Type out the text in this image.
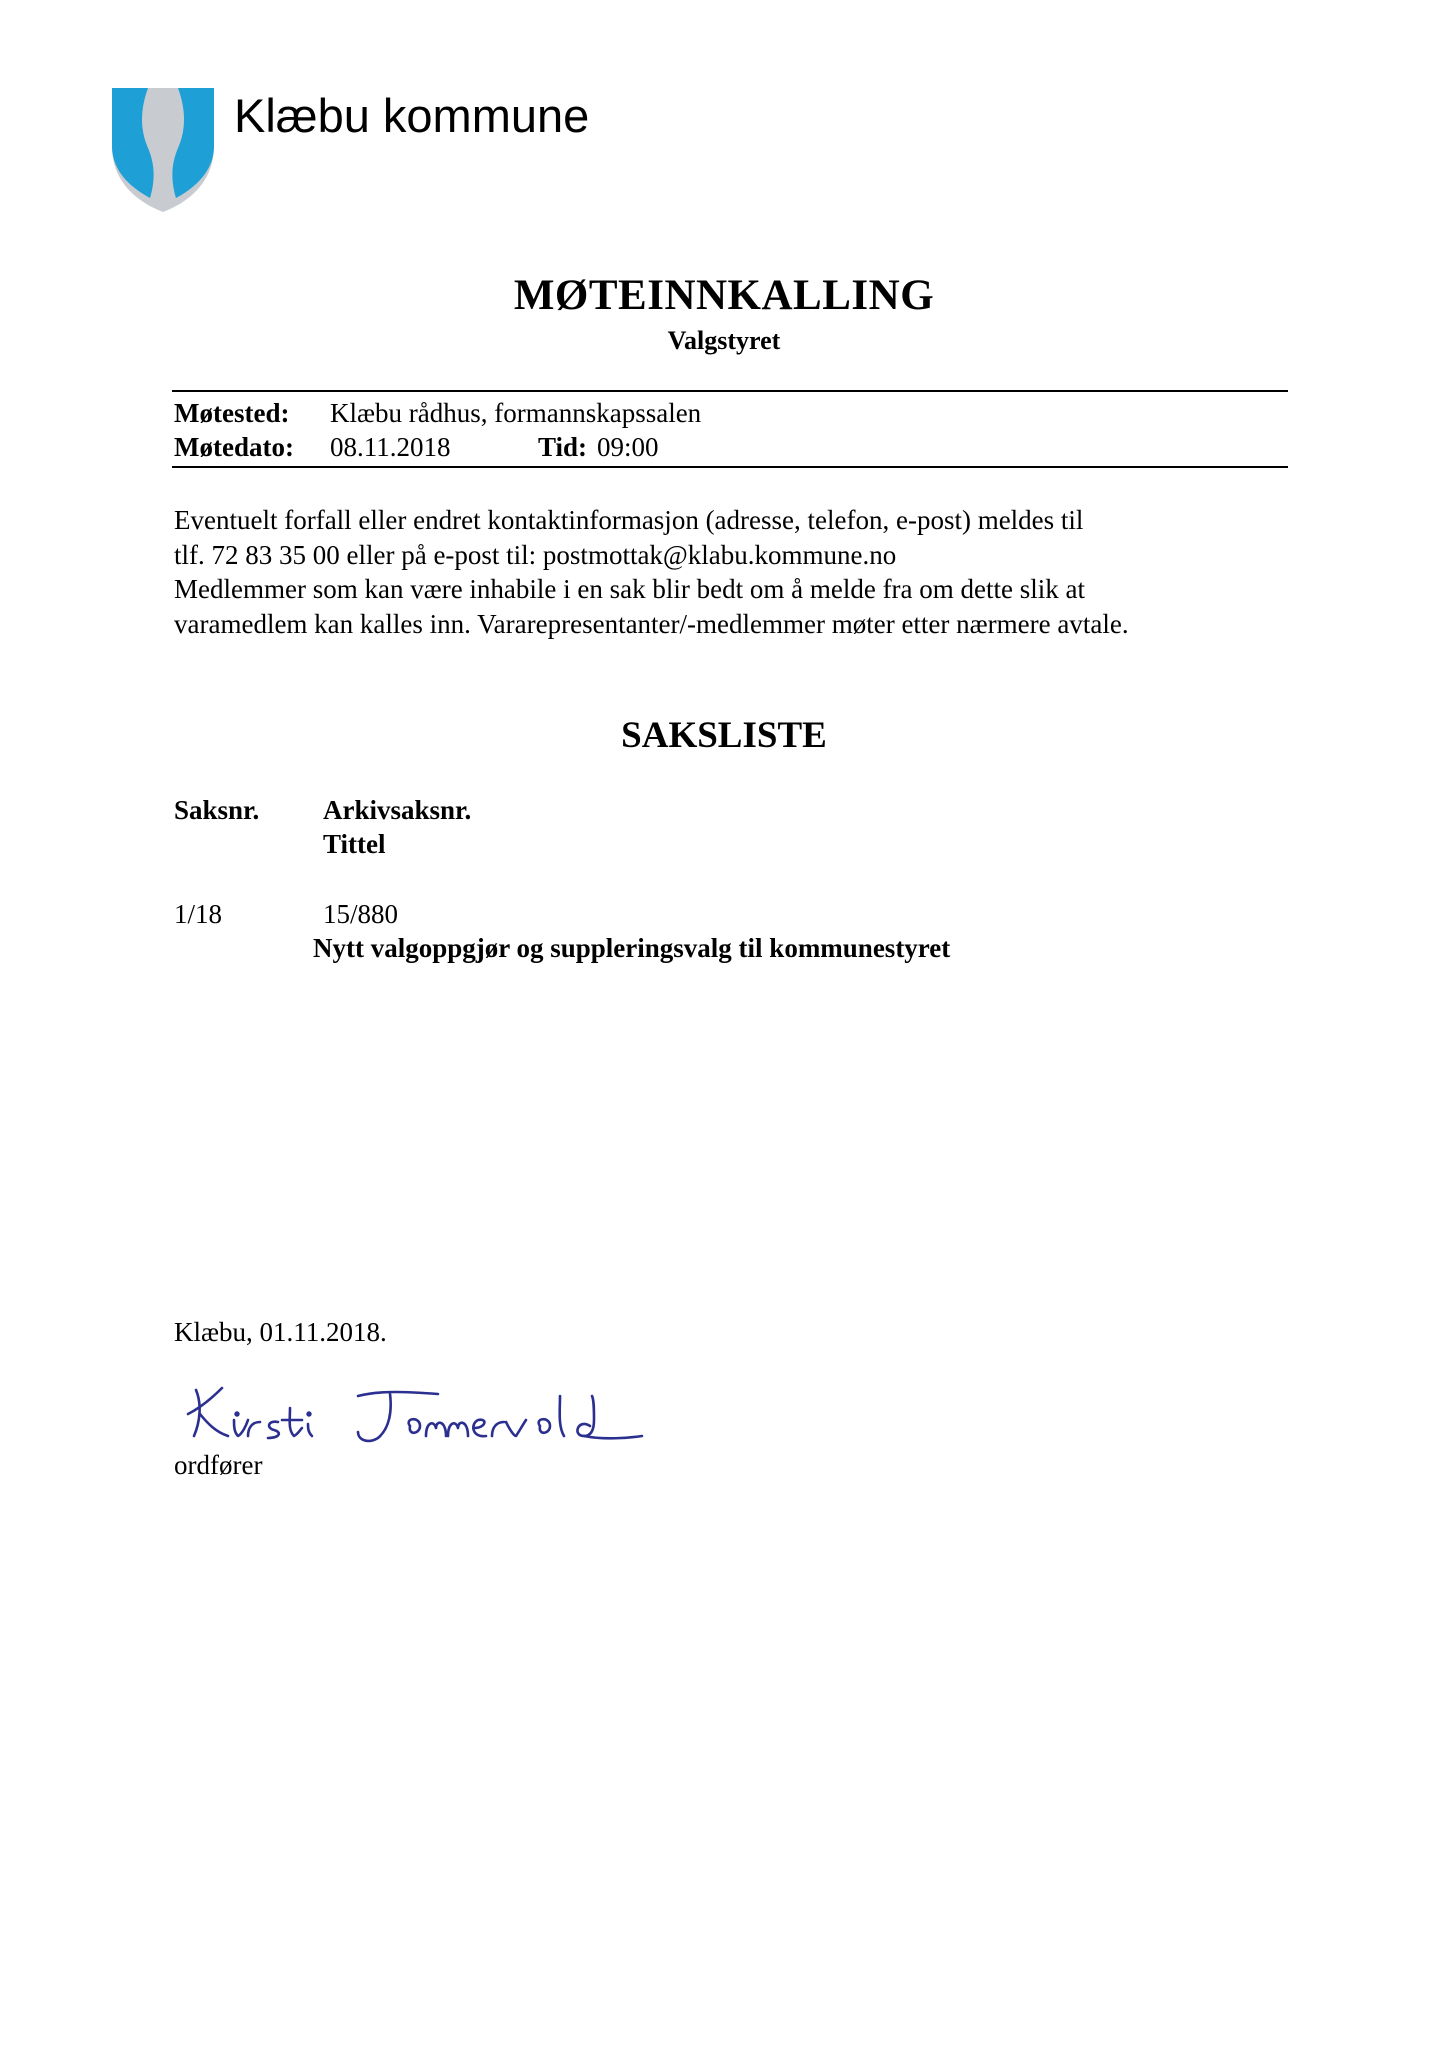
Klæbu kommune
MØTEINNKALLING
Valgstyret
Møtested: Klæbu rådhus, formannskapssalen
Møtedato: 08.11.2018	Tid: 09:00
Eventuelt forfall eller endret kontaktinformasjon (adresse, telefon, e-post) meldes til
tlf. 72 83 35 00 eller på e-post til: postmottak@klabu.kommune.no
Medlemmer som kan være inhabile i en sak blir bedt om å melde fra om dette slik at
varamedlem kan kalles inn. Vararepresentanter/-medlemmer møter etter nærmere avtale.
SAKSLISTE
Saksnr. Arkivsaksnr.
Tittel
1/18	15/880
Nytt valgoppgjør og suppleringsvalg til kommunestyret
Klæbu, 01.11.2018.
ordfører
